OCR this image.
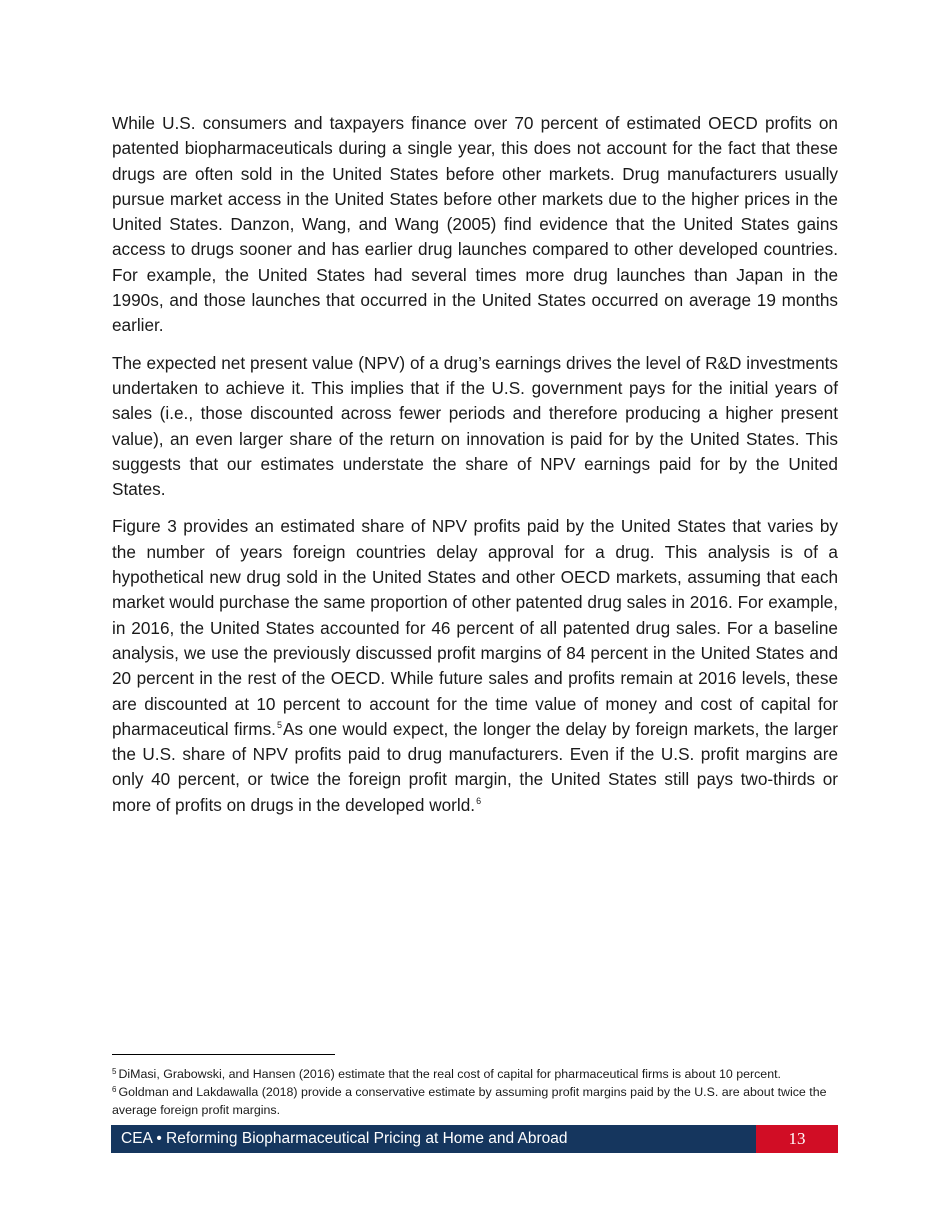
While U.S. consumers and taxpayers finance over 70 percent of estimated OECD profits on patented biopharmaceuticals during a single year, this does not account for the fact that these drugs are often sold in the United States before other markets. Drug manufacturers usually pursue market access in the United States before other markets due to the higher prices in the United States. Danzon, Wang, and Wang (2005) find evidence that the United States gains access to drugs sooner and has earlier drug launches compared to other developed countries. For example, the United States had several times more drug launches than Japan in the 1990s, and those launches that occurred in the United States occurred on average 19 months earlier.

The expected net present value (NPV) of a drug’s earnings drives the level of R&D investments undertaken to achieve it. This implies that if the U.S. government pays for the initial years of sales (i.e., those discounted across fewer periods and therefore producing a higher present value), an even larger share of the return on innovation is paid for by the United States. This suggests that our estimates understate the share of NPV earnings paid for by the United States.

Figure 3 provides an estimated share of NPV profits paid by the United States that varies by the number of years foreign countries delay approval for a drug. This analysis is of a hypothetical new drug sold in the United States and other OECD markets, assuming that each market would purchase the same proportion of other patented drug sales in 2016. For example, in 2016, the United States accounted for 46 percent of all patented drug sales. For a baseline analysis, we use the previously discussed profit margins of 84 percent in the United States and 20 percent in the rest of the OECD. While future sales and profits remain at 2016 levels, these are discounted at 10 percent to account for the time value of money and cost of capital for pharmaceutical firms.$^5$As one would expect, the longer the delay by foreign markets, the larger the U.S. share of NPV profits paid to drug manufacturers. Even if the U.S. profit margins are only 40 percent, or twice the foreign profit margin, the United States still pays two-thirds or more of profits on drugs in the developed world.$^6$

$^5$ DiMasi, Grabowski, and Hansen (2016) estimate that the real cost of capital for pharmaceutical firms is about 10 percent.

$^6$ Goldman and Lakdawalla (2018) provide a conservative estimate by assuming profit margins paid by the U.S. are about twice the average foreign profit margins.

CEA • Reforming Biopharmaceutical Pricing at Home and Abroad	13
